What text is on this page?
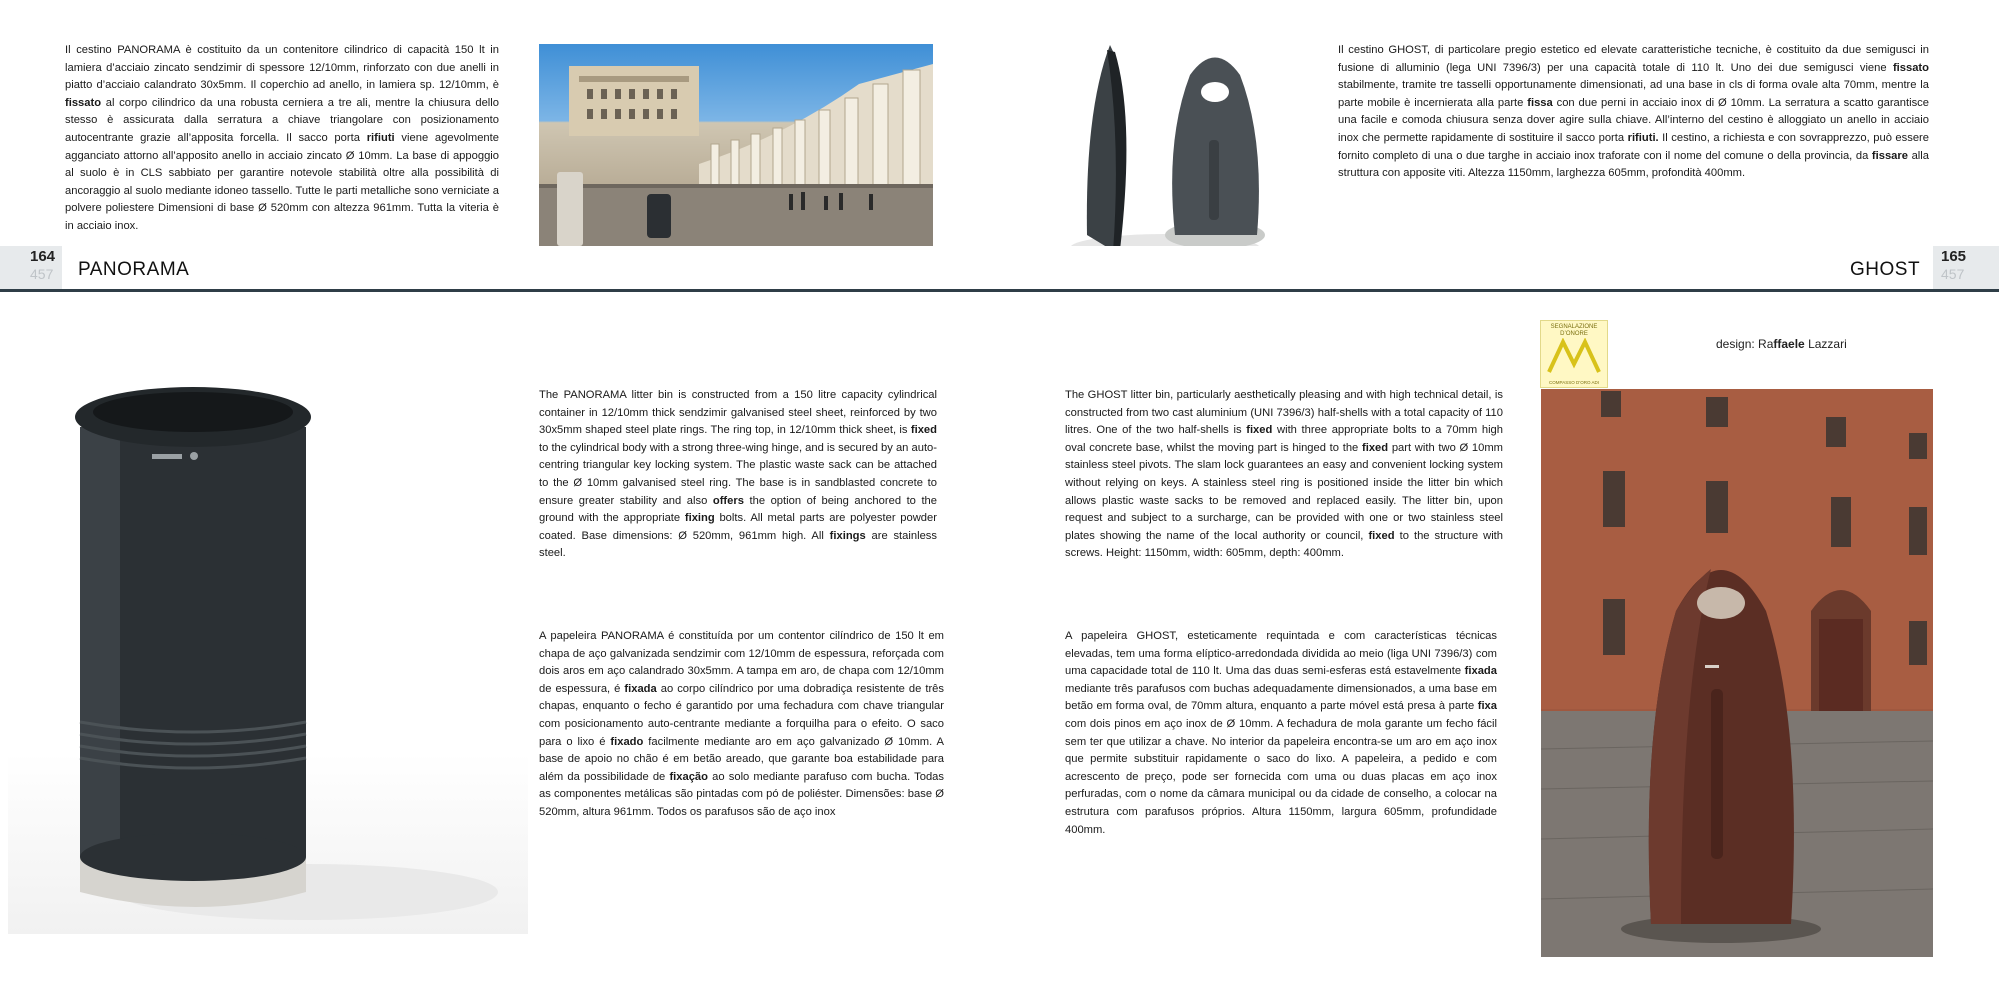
Il cestino PANORAMA è costituito da un contenitore cilindrico di capacità 150 lt in lamiera d’acciaio zincato sendzimir di spessore 12/10mm, rinforzato con due anelli in piatto d’acciaio calandrato 30x5mm. Il coperchio ad anello, in lamiera sp. 12/10mm, è fissato al corpo cilindrico da una robusta cerniera a tre ali, mentre la chiusura dello stesso è assicurata dalla serratura a chiave triangolare con posizionamento autocentrante grazie all’apposita forcella. Il sacco porta rifiuti viene agevolmente agganciato attorno all’apposito anello in acciaio zincato Ø 10mm. La base di appoggio al suolo è in CLS sabbiato per garantire notevole stabilità oltre alla possibilità di ancoraggio al suolo mediante idoneo tassello. Tutte le parti metalliche sono verniciate a polvere poliestere Dimensioni di base Ø 520mm con altezza 961mm. Tutta la viteria è in acciaio inox.
Il cestino GHOST, di particolare pregio estetico ed elevate caratteristiche tecniche, è costituito da due semigusci in fusione di alluminio (lega UNI 7396/3) per una capacità totale di 110 lt. Uno dei due semigusci viene fissato stabilmente, tramite tre tasselli opportunamente dimensionati, ad una base in cls di forma ovale alta 70mm, mentre la parte mobile è incernierata alla parte fissa con due perni in acciaio inox di Ø 10mm. La serratura a scatto garantisce una facile e comoda chiusura senza dover agire sulla chiave. All’interno del cestino è alloggiato un anello in acciaio inox che permette rapidamente di sostituire il sacco porta rifiuti. Il cestino, a richiesta e con sovrapprezzo, può essere fornito completo di una o due targhe in acciaio inox traforate con il nome del comune o della provincia, da fissare alla struttura con apposite viti. Altezza 1150mm, larghezza 605mm, profondità 400mm.
164
457 PANORAMA
165
457
GHOST
The PANORAMA litter bin is constructed from a 150 litre capacity cylindrical container in 12/10mm thick sendzimir galvanised steel sheet, reinforced by two 30x5mm shaped steel plate rings. The ring top, in 12/10mm thick sheet, is fixed to the cylindrical body with a strong three-wing hinge, and is secured by an auto-centring triangular key locking system. The plastic waste sack can be attached to the Ø 10mm galvanised steel ring. The base is in sandblasted concrete to ensure greater stability and also offers the option of being anchored to the ground with the appropriate fixing bolts. All metal parts are polyester powder coated. Base dimensions: Ø 520mm, 961mm high. All fixings are stainless steel.
A papeleira PANORAMA é constituída por um contentor cilíndrico de 150 lt em chapa de aço galvanizada sendzimir com 12/10mm de espessura, reforçada com dois aros em aço calandrado 30x5mm. A tampa em aro, de chapa com 12/10mm de espessura, é fixada ao corpo cilíndrico por uma dobradiça resistente de três chapas, enquanto o fecho é garantido por uma fechadura com chave triangular com posicionamento auto-centrante mediante a forquilha para o efeito. O saco para o lixo é fixado facilmente mediante aro em aço galvanizado Ø 10mm. A base de apoio no chão é em betão areado, que garante boa estabilidade para além da possibilidade de fixação ao solo mediante parafuso com bucha. Todas as componentes metálicas são pintadas com pó de poliéster. Dimensões: base Ø 520mm, altura 961mm. Todos os parafusos são de aço inox
The GHOST litter bin, particularly aesthetically pleasing and with high technical detail, is constructed from two cast aluminium (UNI 7396/3) half-shells with a total capacity of 110 litres. One of the two half-shells is fixed with three appropriate bolts to a 70mm high oval concrete base, whilst the moving part is hinged to the fixed part with two Ø 10mm stainless steel pivots. The slam lock guarantees an easy and convenient locking system without relying on keys. A stainless steel ring is positioned inside the litter bin which allows plastic waste sacks to be removed and replaced easily. The litter bin, upon request and subject to a surcharge, can be provided with one or two stainless steel plates showing the name of the local authority or council, fixed to the structure with screws. Height: 1150mm, width: 605mm, depth: 400mm.
A papeleira GHOST, esteticamente requintada e com características técnicas elevadas, tem uma forma elíptico-arredondada dividida ao meio (liga UNI 7396/3) com uma capacidade total de 110 lt. Uma das duas semi-esferas está estavelmente fixada mediante três parafusos com buchas adequadamente dimensionados, a uma base em betão em forma oval, de 70mm altura, enquanto a parte móvel está presa à parte fixa com dois pinos em aço inox de Ø 10mm. A fechadura de mola garante um fecho fácil sem ter que utilizar a chave. No interior da papeleira encontra-se um aro em aço inox que permite substituir rapidamente o saco do lixo. A papeleira, a pedido e com acrescento de preço, pode ser fornecida com uma ou duas placas em aço inox perfuradas, com o nome da câmara municipal ou da cidade de conselho, a colocar na estrutura com parafusos próprios. Altura 1150mm, largura 605mm, profundidade 400mm.
SEGNALAZIONE
D’ONORE
COMPASSO D’ORO ADI
design: Raffaele Lazzari
